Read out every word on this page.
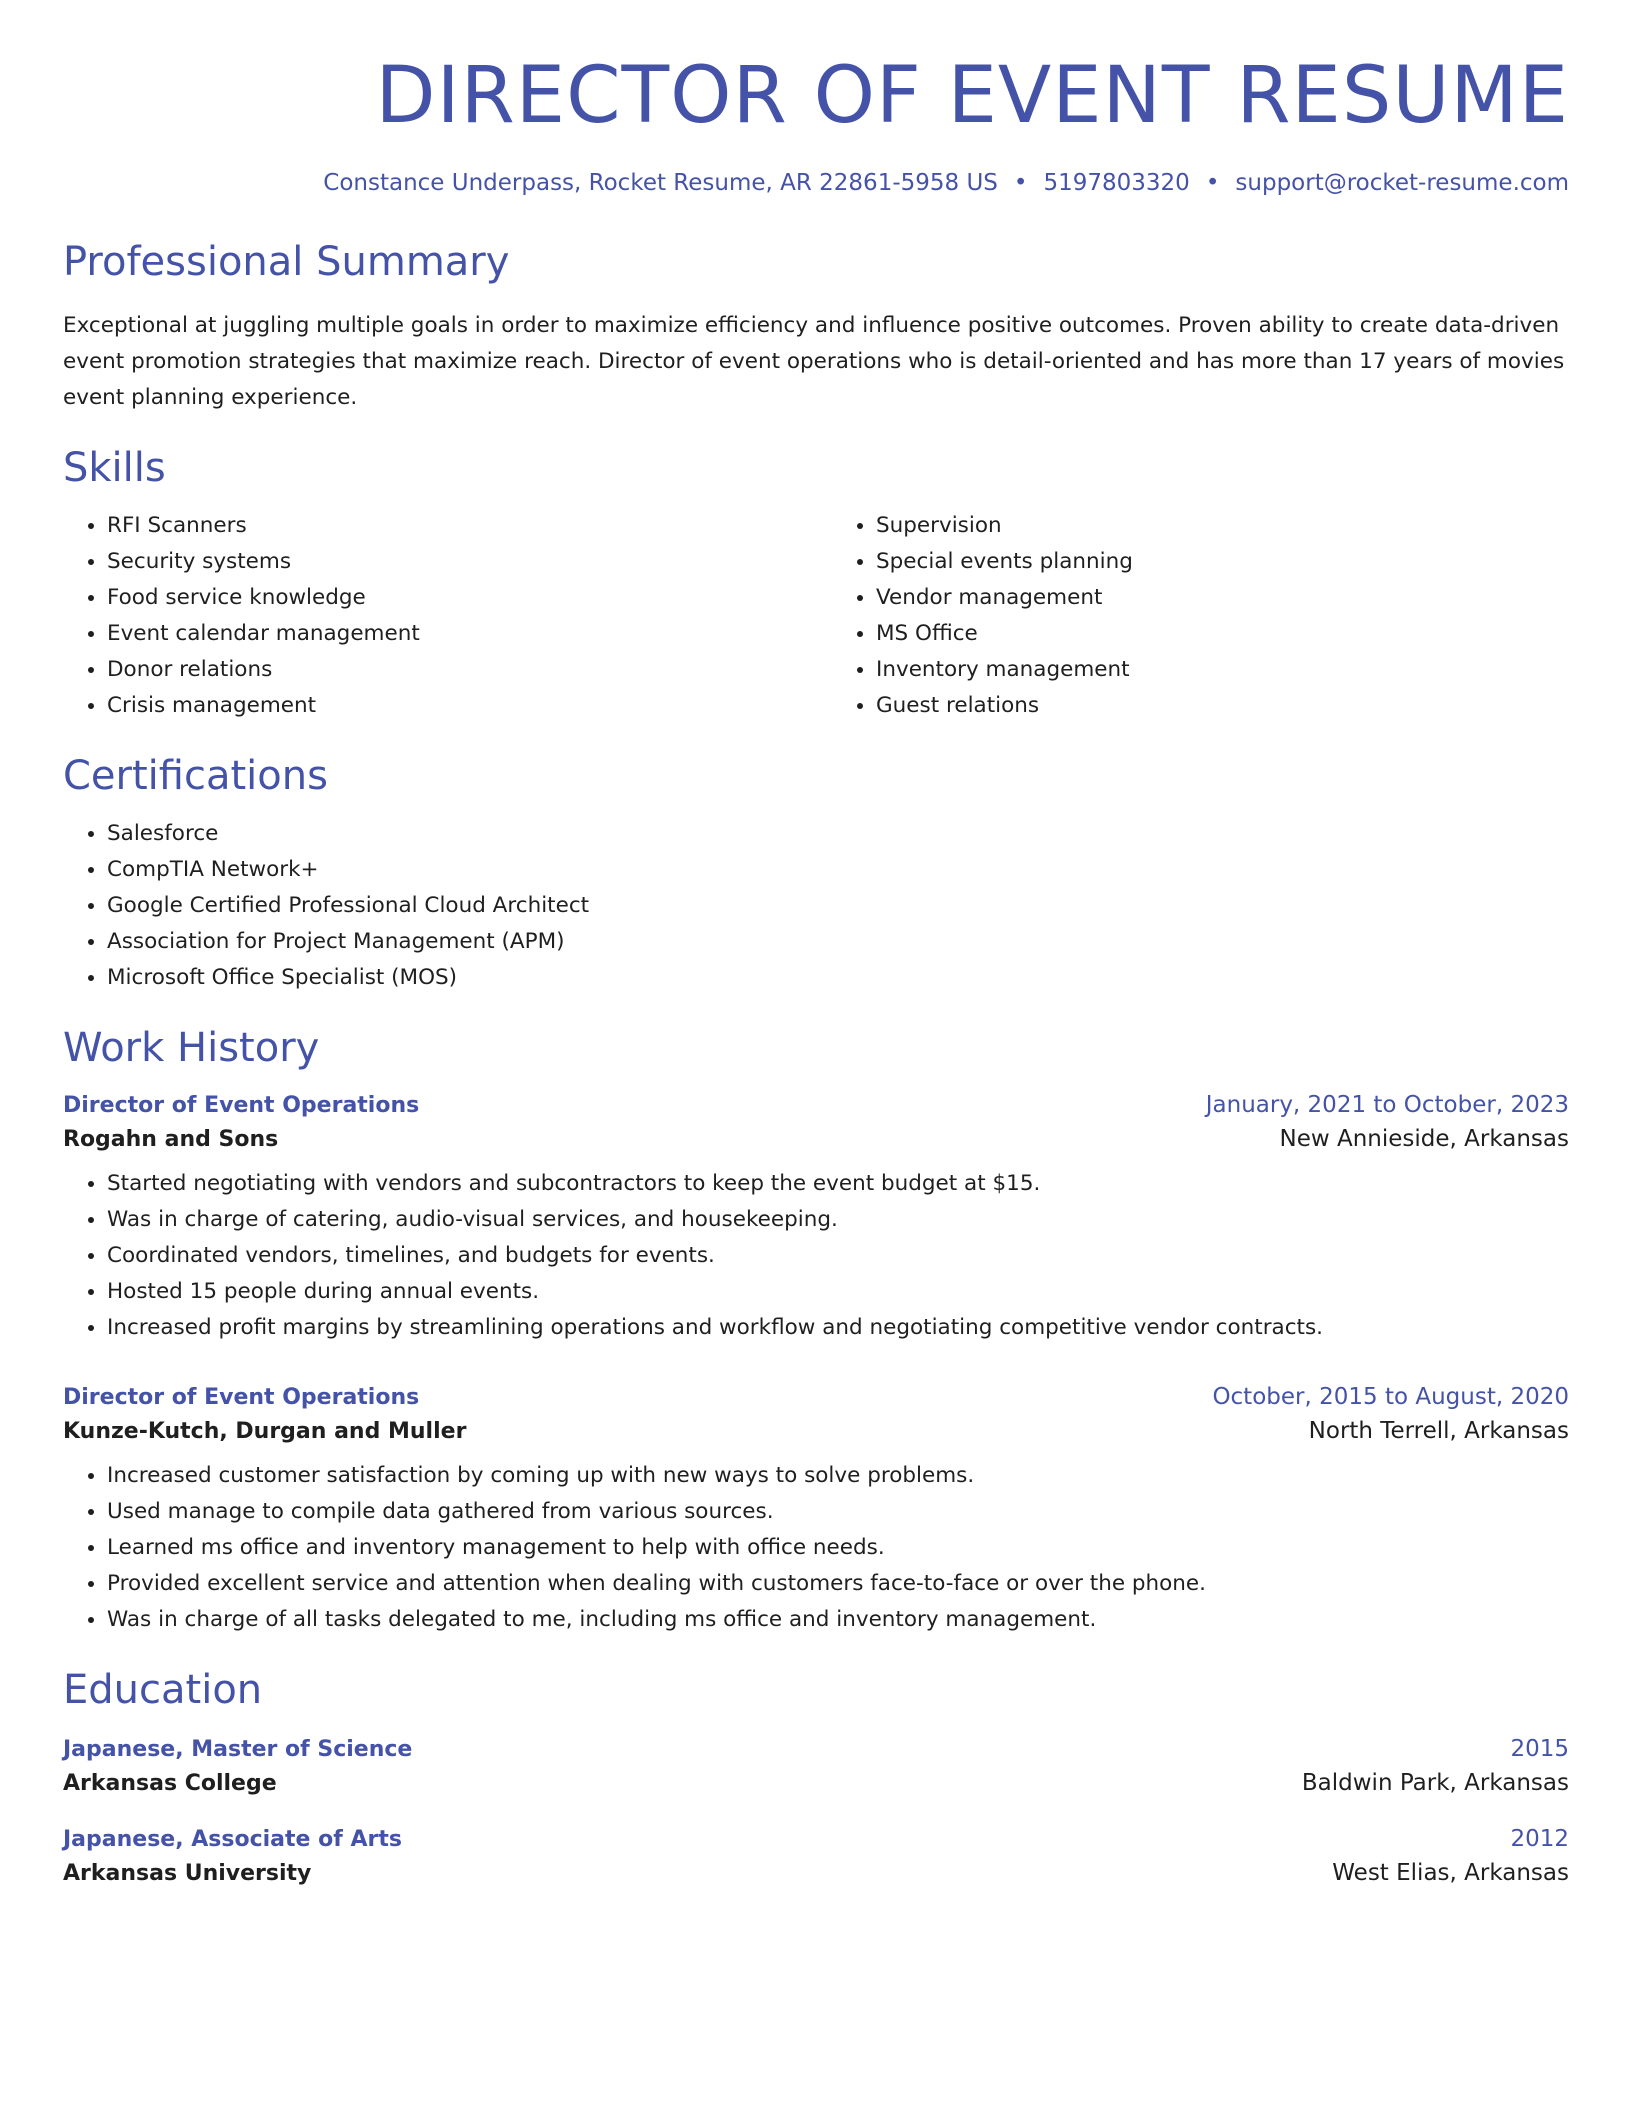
DIRECTOR OF EVENT RESUME
Constance Underpass, Rocket Resume, AR 22861-5958 US • 5197803320 • support@rocket-resume.com
Professional Summary

Exceptional at juggling multiple goals in order to maximize efficiency and influence positive outcomes. Proven ability to create data-driven event promotion strategies that maximize reach. Director of event operations who is detail-oriented and has more than 17 years of movies event planning experience.

Skills
• RFI Scanners
• Security systems
• Food service knowledge
• Event calendar management
• Donor relations
• Crisis management
• Supervision
• Special events planning
• Vendor management
• MS Office
• Inventory management
• Guest relations
Certifications
• Salesforce
• CompTIA Network+
• Google Certified Professional Cloud Architect
• Association for Project Management (APM)
• Microsoft Office Specialist (MOS)
Work History
Director of Event Operations	January, 2021 to October, 2023
Rogahn and Sons	New Annieside, Arkansas
• Started negotiating with vendors and subcontractors to keep the event budget at $15.
• Was in charge of catering, audio-visual services, and housekeeping.
• Coordinated vendors, timelines, and budgets for events.
• Hosted 15 people during annual events.
• Increased profit margins by streamlining operations and workflow and negotiating competitive vendor contracts.
Director of Event Operations	October, 2015 to August, 2020
Kunze-Kutch, Durgan and Muller	North Terrell, Arkansas
• Increased customer satisfaction by coming up with new ways to solve problems.
• Used manage to compile data gathered from various sources.
• Learned ms office and inventory management to help with office needs.
• Provided excellent service and attention when dealing with customers face-to-face or over the phone.
• Was in charge of all tasks delegated to me, including ms office and inventory management.
Education
Japanese, Master of Science	2015
Arkansas College	Baldwin Park, Arkansas
Japanese, Associate of Arts	2012
Arkansas University	West Elias, Arkansas
